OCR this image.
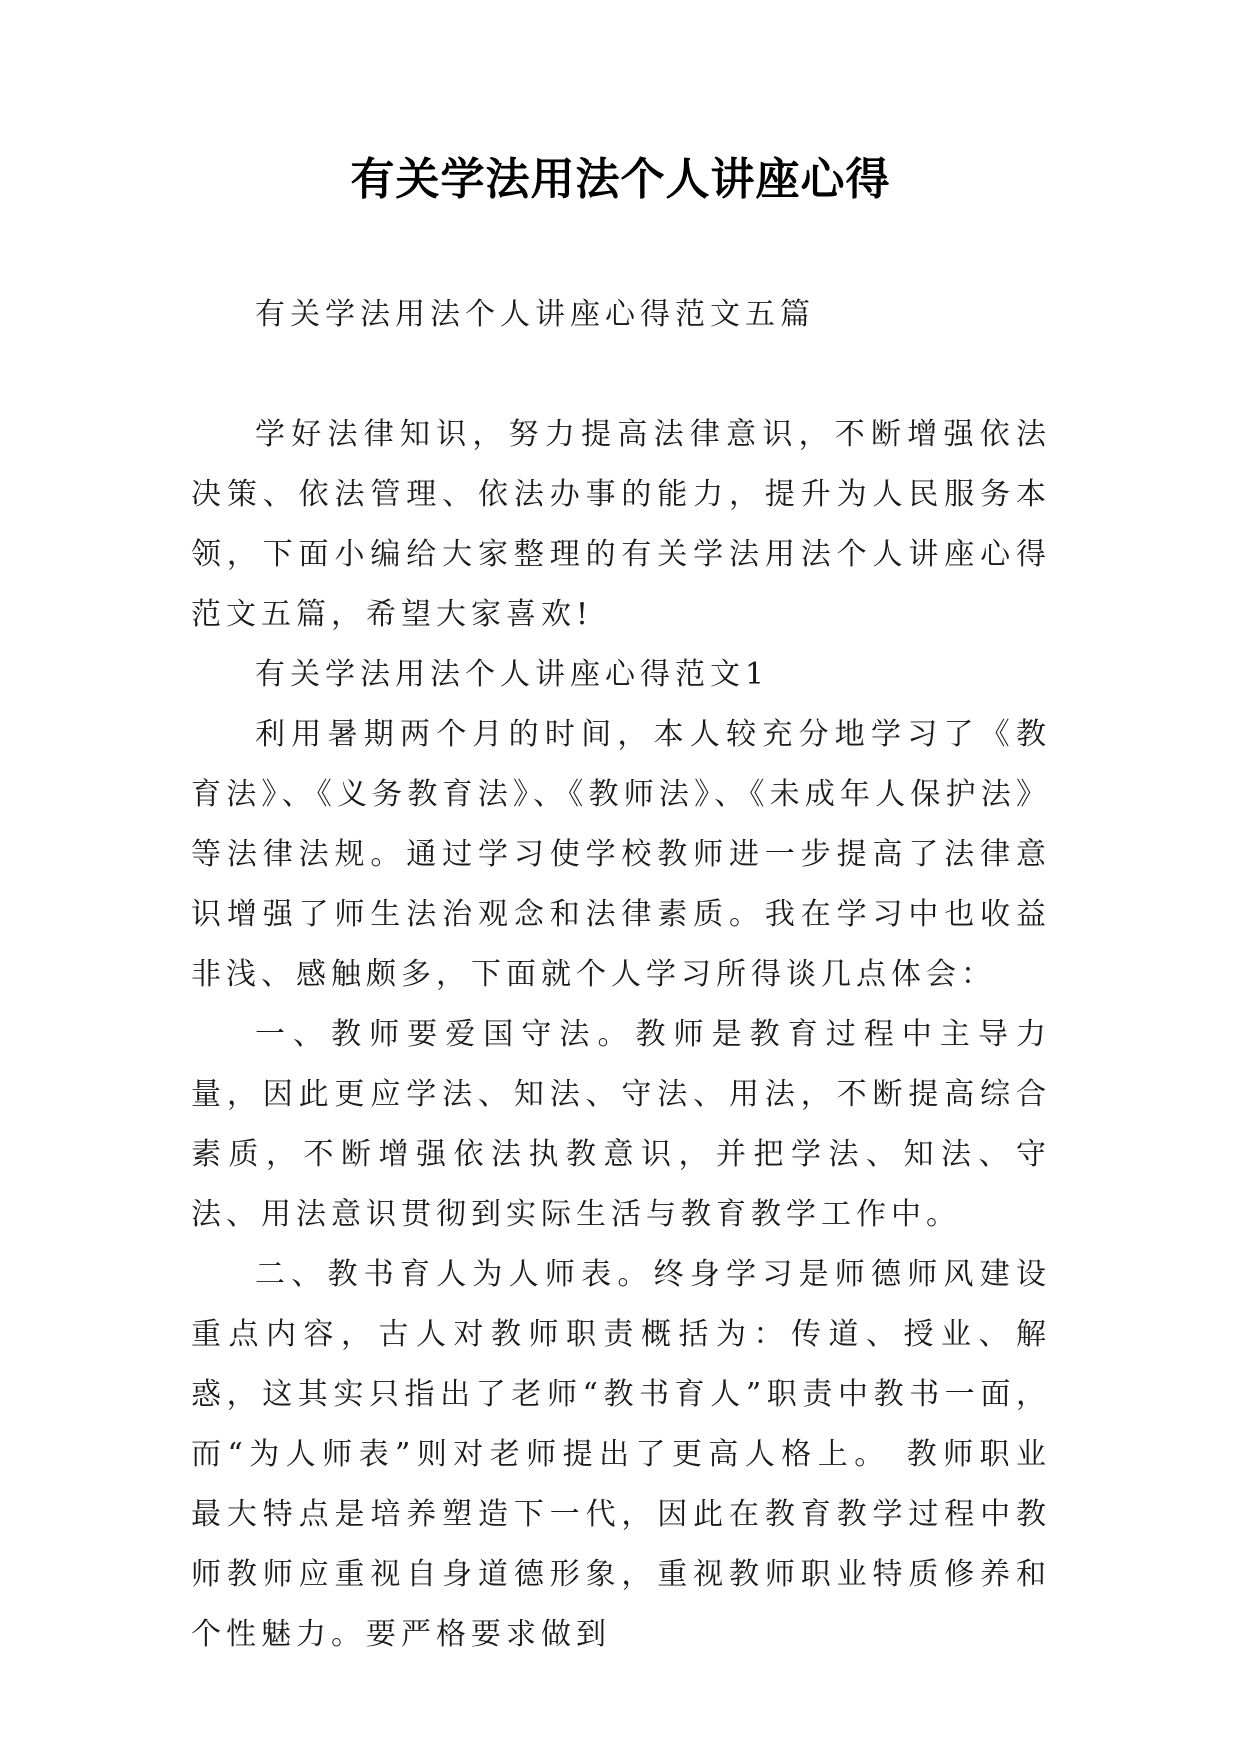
有关学法用法个人讲座心得

有关学法用法个人讲座心得范文五篇

学好法律知识，努力提高法律意识，不断增强依法决策、依法管理、依法办事的能力，提升为人民服务本领，下面小编给大家整理的有关学法用法个人讲座心得范文五篇，希望大家喜欢!

有关学法用法个人讲座心得范文1

利用暑期两个月的时间，本人较充分地学习了《教育法》、《义务教育法》、《教师法》、《未成年人保护法》等法律法规。通过学习使学校教师进一步提高了法律意识增强了师生法治观念和法律素质。我在学习中也收益非浅、感触颇多，下面就个人学习所得谈几点体会：

一、教师要爱国守法。教师是教育过程中主导力量，因此更应学法、知法、守法、用法，不断提高综合素质，不断增强依法执教意识，并把学法、知法、守法、用法意识贯彻到实际生活与教育教学工作中。

二、教书育人为人师表。终身学习是师德师风建设重点内容，古人对教师职责概括为：传道、授业、解惑，这其实只指出了老师“教书育人”职责中教书一面，而“为人师表”则对老师提出了更高人格上。 教师职业最大特点是培养塑造下一代，因此在教育教学过程中教师教师应重视自身道德形象，重视教师职业特质修养和个性魅力。要严格要求做到
